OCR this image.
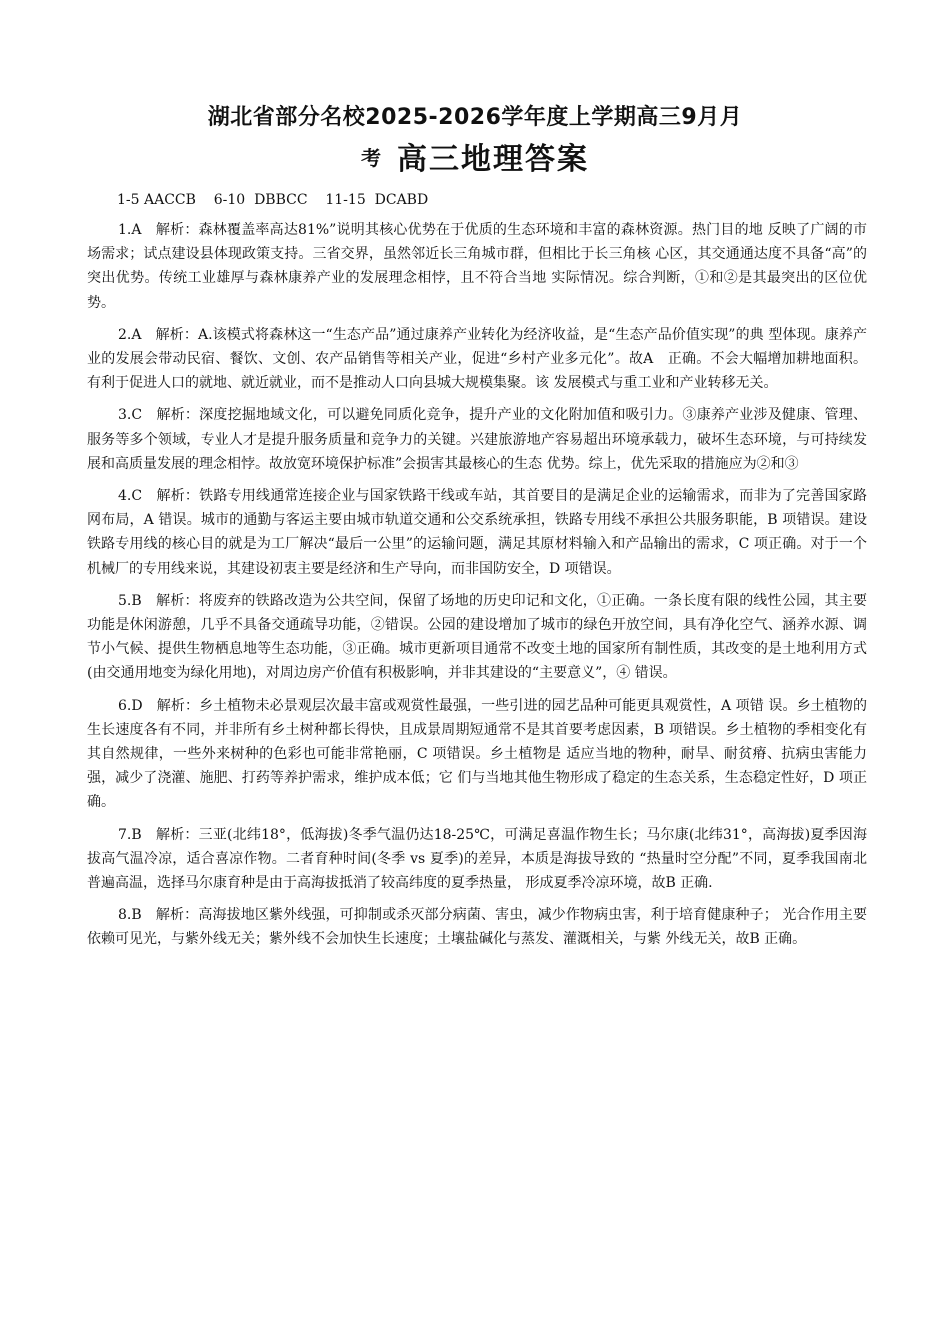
湖北省部分名校2025-2026学年度上学期高三9月月
考 高三地理答案
1-5 AACCB    6-10  DBBCC    11-15  DCABD

1.A　解析：森林覆盖率高达81%”说明其核心优势在于优质的生态环境和丰富的森林资源。热门目的地 反映了广阔的市场需求；试点建设县体现政策支持。三省交界，虽然邻近长三角城市群，但相比于长三角核 心区，其交通通达度不具备“高”的突出优势。传统工业雄厚与森林康养产业的发展理念相悖，且不符合当地 实际情况。综合判断，①和②是其最突出的区位优势。

2.A　解析：A.该模式将森林这一“生态产品”通过康养产业转化为经济收益，是“生态产品价值实现”的典 型体现。康养产业的发展会带动民宿、餐饮、文创、农产品销售等相关产业，促进“乡村产业多元化”。故A　正确。不会大幅增加耕地面积。有利于促进人口的就地、就近就业，而不是推动人口向县城大规模集聚。该 发展模式与重工业和产业转移无关。

3.C　解析：深度挖掘地域文化，可以避免同质化竞争，提升产业的文化附加值和吸引力。③康养产业涉及健康、管理、服务等多个领域，专业人才是提升服务质量和竞争力的关键。兴建旅游地产容易超出环境承载力，破坏生态环境，与可持续发展和高质量发展的理念相悖。故放宽环境保护标准”会损害其最核心的生态 优势。综上，优先采取的措施应为②和③

4.C　解析：铁路专用线通常连接企业与国家铁路干线或车站，其首要目的是满足企业的运输需求，而非为了完善国家路网布局，A 错误。城市的通勤与客运主要由城市轨道交通和公交系统承担，铁路专用线不承担公共服务职能，B 项错误。建设铁路专用线的核心目的就是为工厂解决“最后一公里”的运输问题，满足其原材料输入和产品输出的需求，C 项正确。对于一个机械厂的专用线来说，其建设初衷主要是经济和生产导向，而非国防安全，D 项错误。

5.B　解析：将废弃的铁路改造为公共空间，保留了场地的历史印记和文化，①正确。一条长度有限的线性公园，其主要功能是休闲游憩，几乎不具备交通疏导功能，②错误。公园的建设增加了城市的绿色开放空间，具有净化空气、涵养水源、调节小气候、提供生物栖息地等生态功能，③正确。城市更新项目通常不改变土地的国家所有制性质，其改变的是土地利用方式(由交通用地变为绿化用地)，对周边房产价值有积极影响，并非其建设的“主要意义”，④ 错误。

6.D　解析：乡土植物未必景观层次最丰富或观赏性最强，一些引进的园艺品种可能更具观赏性，A 项错 误。乡土植物的生长速度各有不同，并非所有乡土树种都长得快，且成景周期短通常不是其首要考虑因素，B 项错误。乡土植物的季相变化有其自然规律，一些外来树种的色彩也可能非常艳丽，C 项错误。乡土植物是 适应当地的物种，耐旱、耐贫瘠、抗病虫害能力强，减少了浇灌、施肥、打药等养护需求，维护成本低；它 们与当地其他生物形成了稳定的生态关系，生态稳定性好，D 项正确。

7.B　解析：三亚(北纬18°，低海拔)冬季气温仍达18-25℃，可满足喜温作物生长；马尔康(北纬31°，高海拔)夏季因海拔高气温冷凉，适合喜凉作物。二者育种时间(冬季 vs 夏季)的差异，本质是海拔导致的 “热量时空分配”不同，夏季我国南北普遍高温，选择马尔康育种是由于高海拔抵消了较高纬度的夏季热量， 形成夏季冷凉环境，故B 正确.

8.B　解析：高海拔地区紫外线强，可抑制或杀灭部分病菌、害虫，减少作物病虫害，利于培育健康种子； 光合作用主要依赖可见光，与紫外线无关；紫外线不会加快生长速度；土壤盐碱化与蒸发、灌溉相关，与紫 外线无关，故B 正确。
